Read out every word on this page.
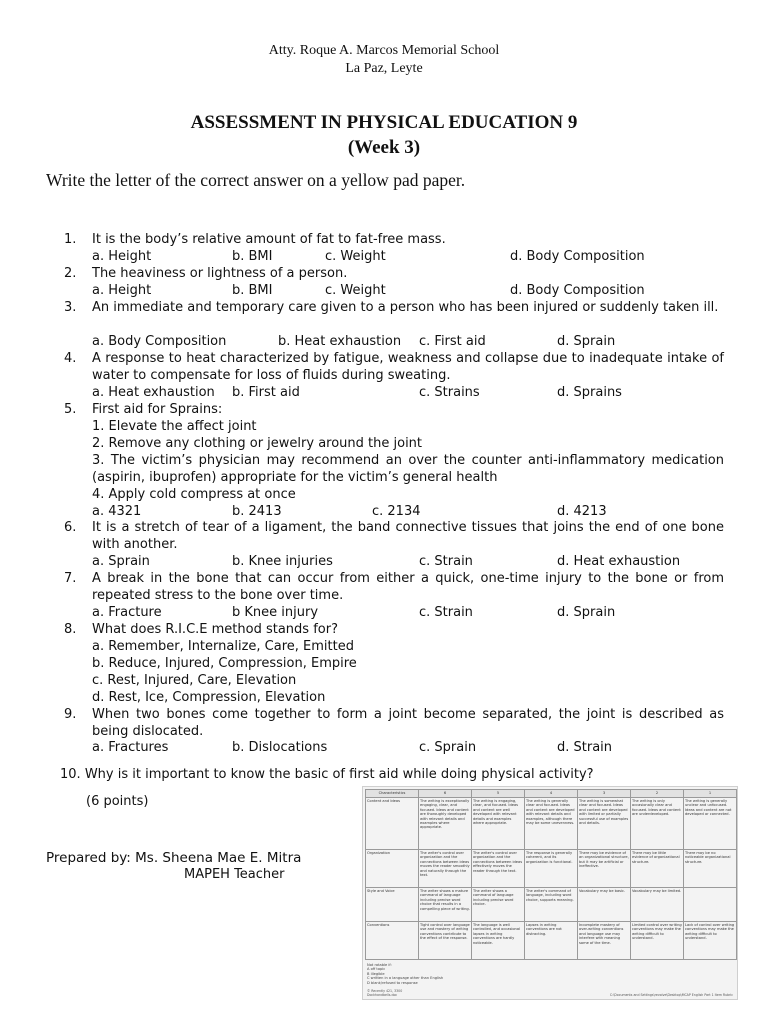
Atty. Roque A. Marcos Memorial School
La Paz, Leyte
ASSESSMENT IN PHYSICAL EDUCATION 9
(Week 3)
Write the letter of the correct answer on a yellow pad paper.
1.	It is the body’s relative amount of fat to fat-free mass.
a. Height	b. BMI	c. Weight	d. Body Composition
2.	The heaviness or lightness of a person.
a. Height	b. BMI	c. Weight	d. Body Composition
3.	An immediate and temporary care given to a person who has been injured or suddenly taken ill.
a. Body Composition	b. Heat exhaustion c. First aid	d. Sprain
4.	A response to heat characterized by fatigue, weakness and collapse due to inadequate intake of water to compensate for loss of fluids during sweating.
a. Heat exhaustion b. First aid	c. Strains	d. Sprains
5.	First aid for Sprains:
1. Elevate the affect joint
2. Remove any clothing or jewelry around the joint
3. The victim’s physician may recommend an over the counter anti-inflammatory medication (aspirin, ibuprofen) appropriate for the victim’s general health
4. Apply cold compress at once
a. 4321	b. 2413	c. 2134	d. 4213
6.	It is a stretch of tear of a ligament, the band connective tissues that joins the end of one bone with another.
a. Sprain	b. Knee injuries	c. Strain	d. Heat exhaustion
7.	A break in the bone that can occur from either a quick, one-time injury to the bone or from repeated stress to the bone over time.
a. Fracture	b Knee injury	c. Strain	d. Sprain
8.	What does R.I.C.E method stands for?
a. Remember, Internalize, Care, Emitted
b. Reduce, Injured, Compression, Empire
c. Rest, Injured, Care, Elevation
d. Rest, Ice, Compression, Elevation
9.	When two bones come together to form a joint become separated, the joint is described as being dislocated.
a. Fractures	b. Dislocations	c. Sprain	d. Strain
10. Why is it important to know the basic of first aid while doing physical activity?
(6 points)
Prepared by: Ms. Sheena Mae E. Mitra
MAPEH Teacher
Characteristics	6	5	4	3	2	1
Content and Ideas	The writing is exceptionally engaging, clear, and focused. Ideas and content are thoroughly developed with relevant details and examples where appropriate.	The writing is engaging, clear, and focused. Ideas and content are well developed with relevant details and examples where appropriate.	The writing is generally clear and focused. Ideas and content are developed with relevant details and examples, although there may be some unevenness.	The writing is somewhat clear and focused. Ideas and content are developed with limited or partially successful use of examples and details.	The writing is only occasionally clear and focused. Ideas and content are underdeveloped.	The writing is generally unclear and unfocused. Ideas and content are not developed or connected.
Organization	The writer's control over organization and the connections between ideas moves the reader smoothly and naturally through the text.	The writer's control over organization and the connections between ideas effectively moves the reader through the text.	The response is generally coherent, and its organization is functional.	There may be evidence of an organizational structure, but it may be artificial or ineffective.	There may be little evidence of organizational structure.	There may be no noticeable organizational structure.
Style and Voice	The writer shows a mature command of language including precise word choice that results in a compelling piece of writing.	The writer shows a command of language including precise word choice.	The writer's command of language, including word choice, supports meaning.	Vocabulary may be basic.	Vocabulary may be limited.	
Conventions	Tight control over language use and mastery of writing conventions contribute to the effect of the response.	The language is well controlled, and occasional lapses in writing conventions are hardly noticeable.	Lapses in writing conventions are not distracting.	Incomplete mastery of over-writing conventions and language use may interfere with meaning some of the time.	Limited control over writing conventions may make the writing difficult to understand.	Lack of control over writing conventions may make the writing difficult to understand.
Not ratable if:
A off topic
B illegible
C written in a language other than English
D blank/refused to response
© Recently 421, 3300
Dockhandbells.doc	C:\Documents and Settings\revolve\Desktop\MCAP English Part 1 Item Rubric
